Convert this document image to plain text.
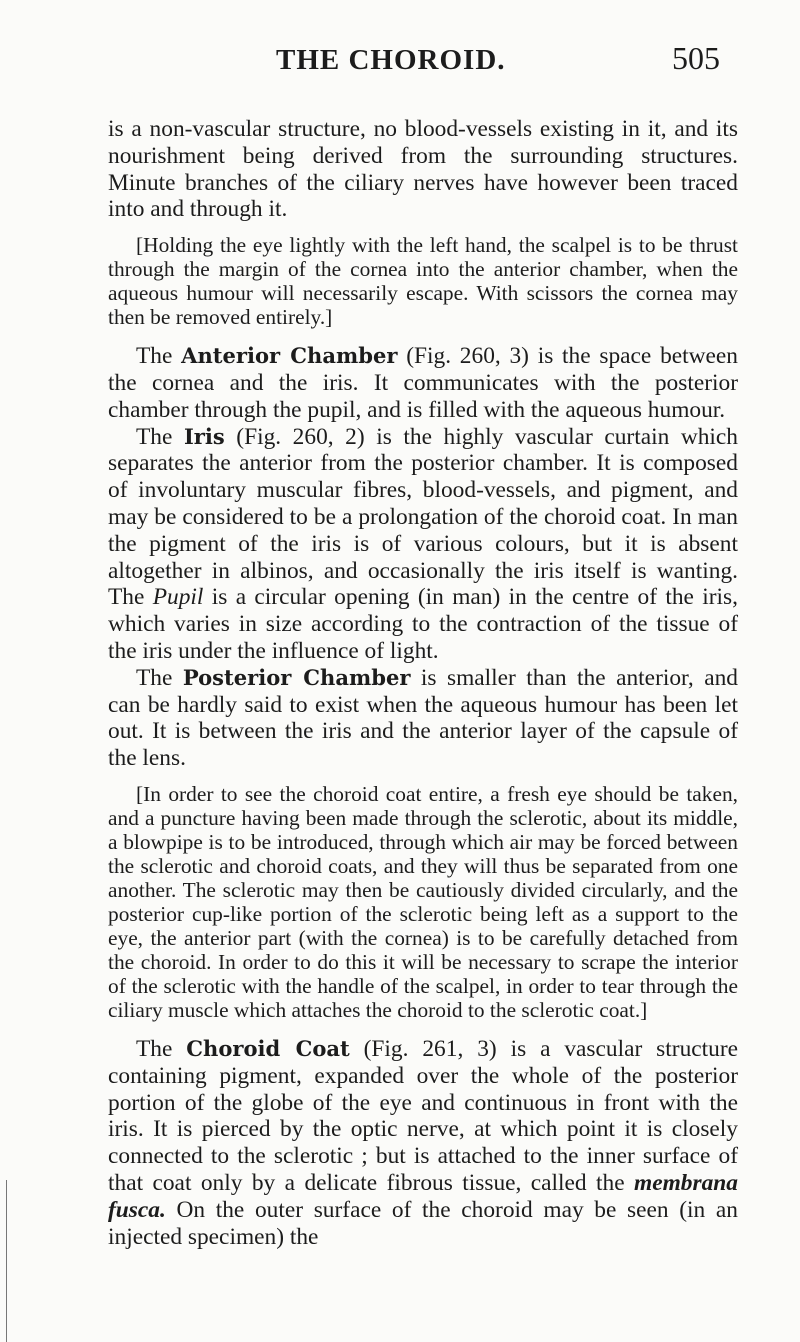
THE CHOROID.	505

is a non-vascular structure, no blood-vessels existing in it, and its nourishment being derived from the surrounding structures. Minute branches of the ciliary nerves have however been traced into and through it.

[Holding the eye lightly with the left hand, the scalpel is to be thrust through the margin of the cornea into the anterior chamber, when the aqueous humour will necessarily escape. With scissors the cornea may then be removed entirely.]

The Anterior Chamber (Fig. 260, 3) is the space between the cornea and the iris. It communicates with the posterior chamber through the pupil, and is filled with the aqueous humour.

The Iris (Fig. 260, 2) is the highly vascular curtain which separates the anterior from the posterior chamber. It is composed of involuntary muscular fibres, blood-vessels, and pigment, and may be considered to be a prolongation of the choroid coat. In man the pigment of the iris is of various colours, but it is absent altogether in albinos, and occasionally the iris itself is wanting. The Pupil is a circular opening (in man) in the centre of the iris, which varies in size according to the contraction of the tissue of the iris under the influence of light.

The Posterior Chamber is smaller than the anterior, and can be hardly said to exist when the aqueous humour has been let out. It is between the iris and the anterior layer of the capsule of the lens.

[In order to see the choroid coat entire, a fresh eye should be taken, and a puncture having been made through the sclerotic, about its middle, a blowpipe is to be introduced, through which air may be forced between the sclerotic and choroid coats, and they will thus be separated from one another. The sclerotic may then be cautiously divided circularly, and the posterior cup-like portion of the sclerotic being left as a support to the eye, the anterior part (with the cornea) is to be carefully detached from the choroid. In order to do this it will be necessary to scrape the interior of the sclerotic with the handle of the scalpel, in order to tear through the ciliary muscle which attaches the choroid to the sclerotic coat.]

The Choroid Coat (Fig. 261, 3) is a vascular structure containing pigment, expanded over the whole of the posterior portion of the globe of the eye and continuous in front with the iris. It is pierced by the optic nerve, at which point it is closely connected to the sclerotic ; but is attached to the inner surface of that coat only by a delicate fibrous tissue, called the membrana fusca. On the outer surface of the choroid may be seen (in an injected specimen) the
